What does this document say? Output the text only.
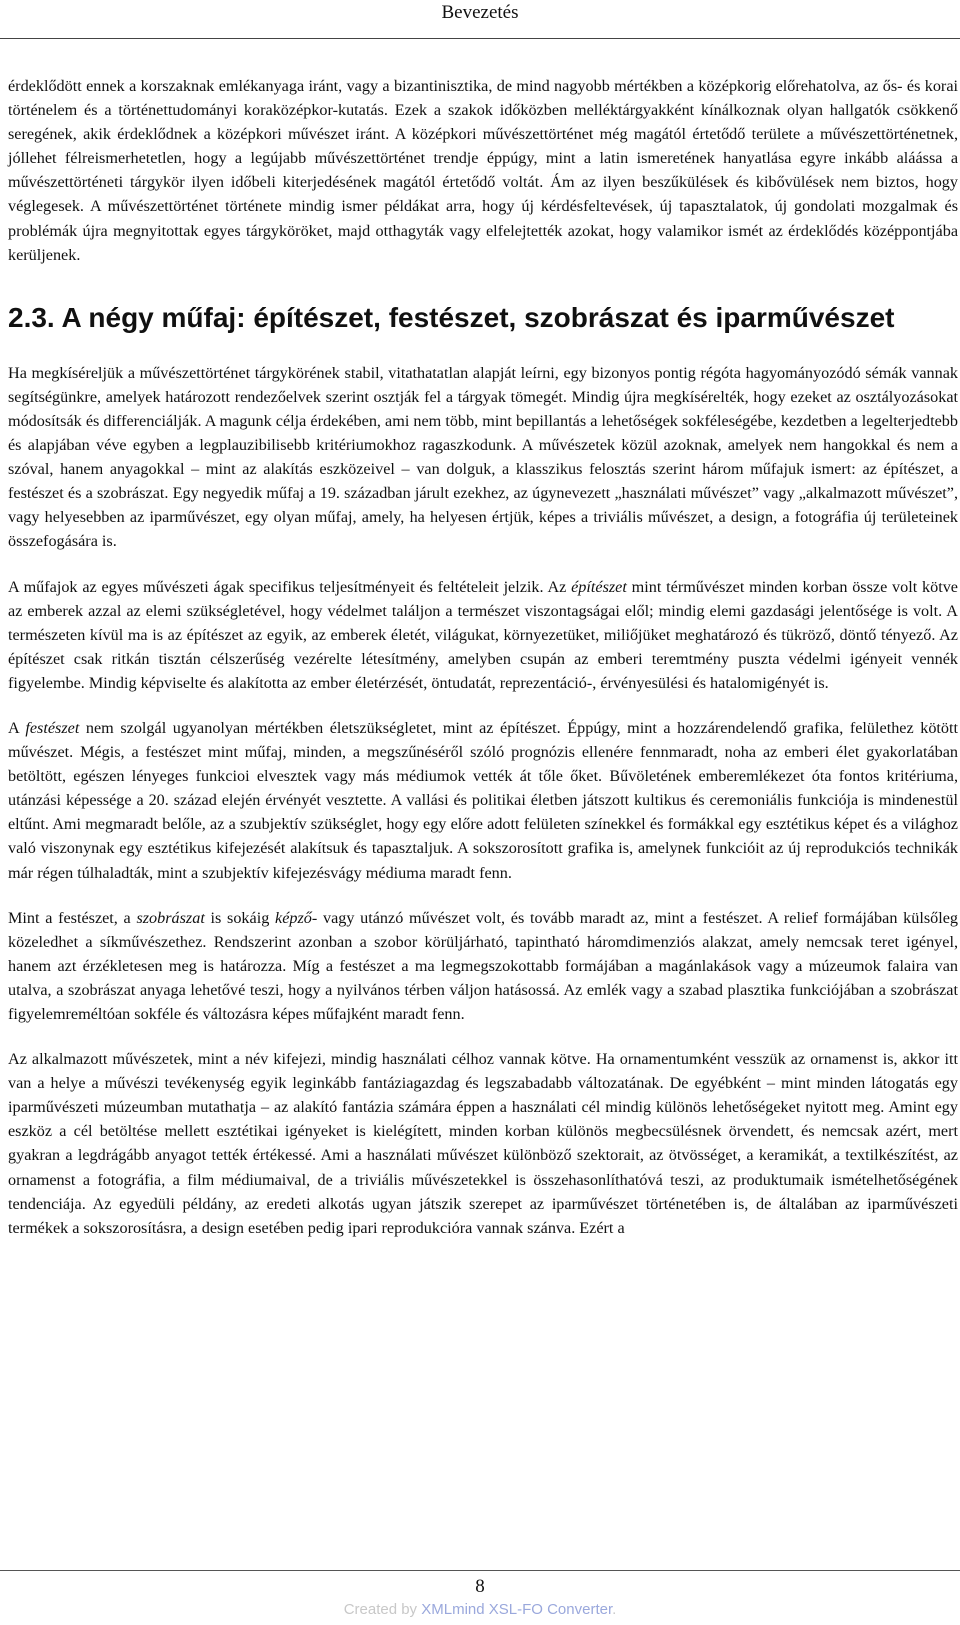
Bevezetés

érdeklődött ennek a korszaknak emlékanyaga iránt, vagy a bizantinisztika, de mind nagyobb mértékben a középkorig előrehatolva, az ős- és korai történelem és a történettudományi koraközépkor-kutatás. Ezek a szakok időközben melléktárgyakként kínálkoznak olyan hallgatók csökkenő seregének, akik érdeklődnek a középkori művészet iránt. A középkori művészettörténet még magától értetődő területe a művészettörténetnek, jóllehet félreismerhetetlen, hogy a legújabb művészettörténet trendje éppúgy, mint a latin ismeretének hanyatlása egyre inkább aláássa a művészettörténeti tárgykör ilyen időbeli kiterjedésének magától értetődő voltát. Ám az ilyen beszűkülések és kibővülések nem biztos, hogy véglegesek. A művészettörténet története mindig ismer példákat arra, hogy új kérdésfeltevések, új tapasztalatok, új gondolati mozgalmak és problémák újra megnyitottak egyes tárgyköröket, majd otthagyták vagy elfelejtették azokat, hogy valamikor ismét az érdeklődés középpontjába kerüljenek.

2.3. A négy műfaj: építészet, festészet, szobrászat és iparművészet

Ha megkíséreljük a művészettörténet tárgykörének stabil, vitathatatlan alapját leírni, egy bizonyos pontig régóta hagyományozódó sémák vannak segítségünkre, amelyek határozott rendezőelvek szerint osztják fel a tárgyak tömegét. Mindig újra megkísérelték, hogy ezeket az osztályozásokat módosítsák és differenciálják. A magunk célja érdekében, ami nem több, mint bepillantás a lehetőségek sokféleségébe, kezdetben a legelterjedtebb és alapjában véve egyben a legplauzibilisebb kritériumokhoz ragaszkodunk. A művészetek közül azoknak, amelyek nem hangokkal és nem a szóval, hanem anyagokkal – mint az alakítás eszközeivel – van dolguk, a klasszikus felosztás szerint három műfajuk ismert: az építészet, a festészet és a szobrászat. Egy negyedik műfaj a 19. században járult ezekhez, az úgynevezett „használati művészet” vagy „alkalmazott művészet”, vagy helyesebben az iparművészet, egy olyan műfaj, amely, ha helyesen értjük, képes a triviális művészet, a design, a fotográfia új területeinek összefogására is.

A műfajok az egyes művészeti ágak specifikus teljesítményeit és feltételeit jelzik. Az építészet mint térművészet minden korban össze volt kötve az emberek azzal az elemi szükségletével, hogy védelmet találjon a természet viszontagságai elől; mindig elemi gazdasági jelentősége is volt. A természeten kívül ma is az építészet az egyik, az emberek életét, világukat, környezetüket, miliőjüket meghatározó és tükröző, döntő tényező. Az építészet csak ritkán tisztán célszerűség vezérelte létesítmény, amelyben csupán az emberi teremtmény puszta védelmi igényeit vennék figyelembe. Mindig képviselte és alakította az ember életérzését, öntudatát, reprezentáció-, érvényesülési és hatalomigényét is.

A festészet nem szolgál ugyanolyan mértékben életszükségletet, mint az építészet. Éppúgy, mint a hozzárendelendő grafika, felülethez kötött művészet. Mégis, a festészet mint műfaj, minden, a megszűnéséről szóló prognózis ellenére fennmaradt, noha az emberi élet gyakorlatában betöltött, egészen lényeges funkcioi elvesztek vagy más médiumok vették át tőle őket. Bűvöletének emberemlékezet óta fontos kritériuma, utánzási képessége a 20. század elején érvényét vesztette. A vallási és politikai életben játszott kultikus és ceremoniális funkciója is mindenestül eltűnt. Ami megmaradt belőle, az a szubjektív szükséglet, hogy egy előre adott felületen színekkel és formákkal egy esztétikus képet és a világhoz való viszonynak egy esztétikus kifejezését alakítsuk és tapasztaljuk. A sokszorosított grafika is, amelynek funkcióit az új reprodukciós technikák már régen túlhaladták, mint a szubjektív kifejezésvágy médiuma maradt fenn.

Mint a festészet, a szobrászat is sokáig képző- vagy utánzó művészet volt, és tovább maradt az, mint a festészet. A relief formájában külsőleg közeledhet a síkművészethez. Rendszerint azonban a szobor körüljárható, tapintható háromdimenziós alakzat, amely nemcsak teret igényel, hanem azt érzékletesen meg is határozza. Míg a festészet a ma legmegszokottabb formájában a magánlakások vagy a múzeumok falaira van utalva, a szobrászat anyaga lehetővé teszi, hogy a nyilvános térben váljon hatásossá. Az emlék vagy a szabad plasztika funkciójában a szobrászat figyelemreméltóan sokféle és változásra képes műfajként maradt fenn.

Az alkalmazott művészetek, mint a név kifejezi, mindig használati célhoz vannak kötve. Ha ornamentumként vesszük az ornamenst is, akkor itt van a helye a művészi tevékenység egyik leginkább fantáziagazdag és legszabadabb változatának. De egyébként – mint minden látogatás egy iparművészeti múzeumban mutathatja – az alakító fantázia számára éppen a használati cél mindig különös lehetőségeket nyitott meg. Amint egy eszköz a cél betöltése mellett esztétikai igényeket is kielégített, minden korban különös megbecsülésnek örvendett, és nemcsak azért, mert gyakran a legdrágább anyagot tették értékessé. Ami a használati művészet különböző szektorait, az ötvösséget, a keramikát, a textilkészítést, az ornamenst a fotográfia, a film médiumaival, de a triviális művészetekkel is összehasonlíthatóvá teszi, az produktumaik ismételhetőségének tendenciája. Az egyedüli példány, az eredeti alkotás ugyan játszik szerepet az iparművészet történetében is, de általában az iparművészeti termékek a sokszorosításra, a design esetében pedig ipari reprodukcióra vannak szánva. Ezért a

8
Created by XMLmind XSL-FO Converter.
